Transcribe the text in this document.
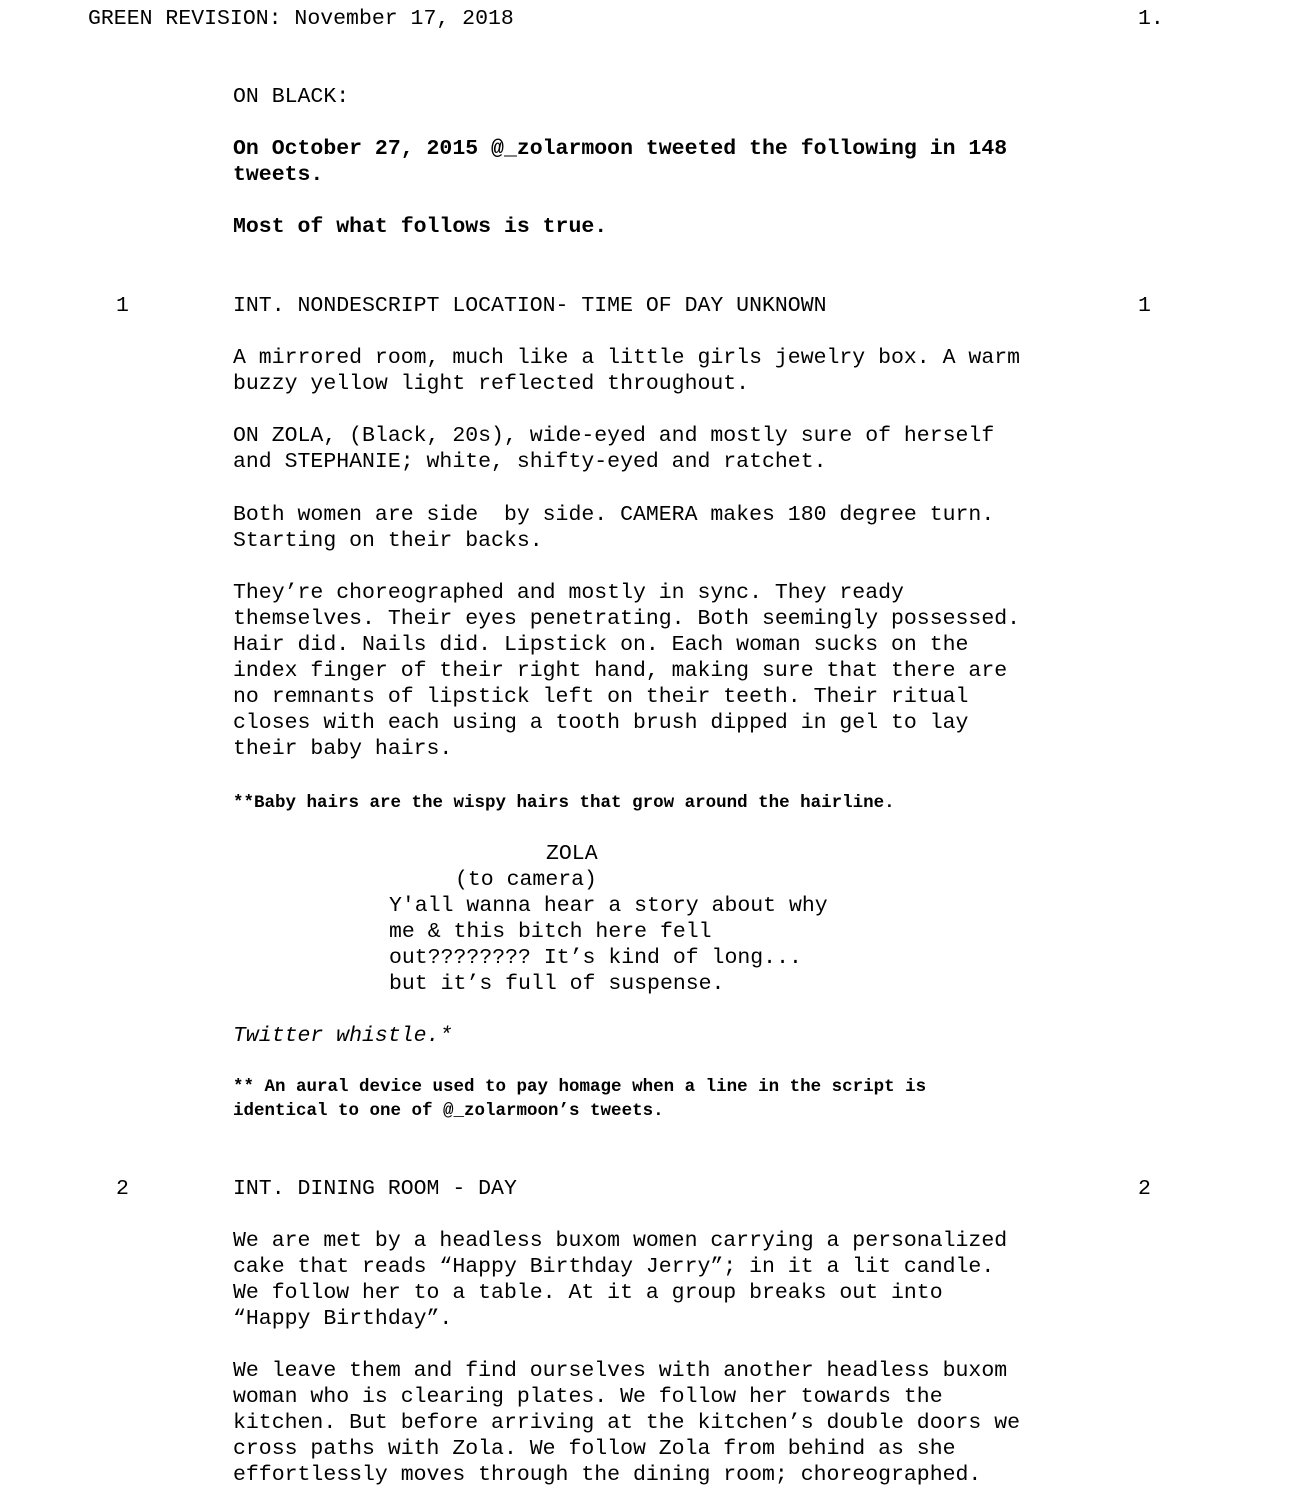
GREEN REVISION: November 17, 2018	1.
ON BLACK:
On October 27, 2015 @_zolarmoon tweeted the following in 148
tweets.
Most of what follows is true.
1	INT. NONDESCRIPT LOCATION- TIME OF DAY UNKNOWN	1
A mirrored room, much like a little girls jewelry box. A warm
buzzy yellow light reflected throughout.
ON ZOLA, (Black, 20s), wide-eyed and mostly sure of herself
and STEPHANIE; white, shifty-eyed and ratchet.
Both women are side  by side. CAMERA makes 180 degree turn.
Starting on their backs.
They’re choreographed and mostly in sync. They ready
themselves. Their eyes penetrating. Both seemingly possessed.
Hair did. Nails did. Lipstick on. Each woman sucks on the
index finger of their right hand, making sure that there are
no remnants of lipstick left on their teeth. Their ritual
closes with each using a tooth brush dipped in gel to lay
their baby hairs.
**Baby hairs are the wispy hairs that grow around the hairline.
ZOLA
(to camera)
Y'all wanna hear a story about why
me & this bitch here fell
out???????? It’s kind of long...
but it’s full of suspense.
Twitter whistle.*
** An aural device used to pay homage when a line in the script is
identical to one of @_zolarmoon’s tweets.
2	INT. DINING ROOM - DAY	2
We are met by a headless buxom women carrying a personalized
cake that reads “Happy Birthday Jerry”; in it a lit candle.
We follow her to a table. At it a group breaks out into
“Happy Birthday”.
We leave them and find ourselves with another headless buxom
woman who is clearing plates. We follow her towards the
kitchen. But before arriving at the kitchen’s double doors we
cross paths with Zola. We follow Zola from behind as she
effortlessly moves through the dining room; choreographed.
